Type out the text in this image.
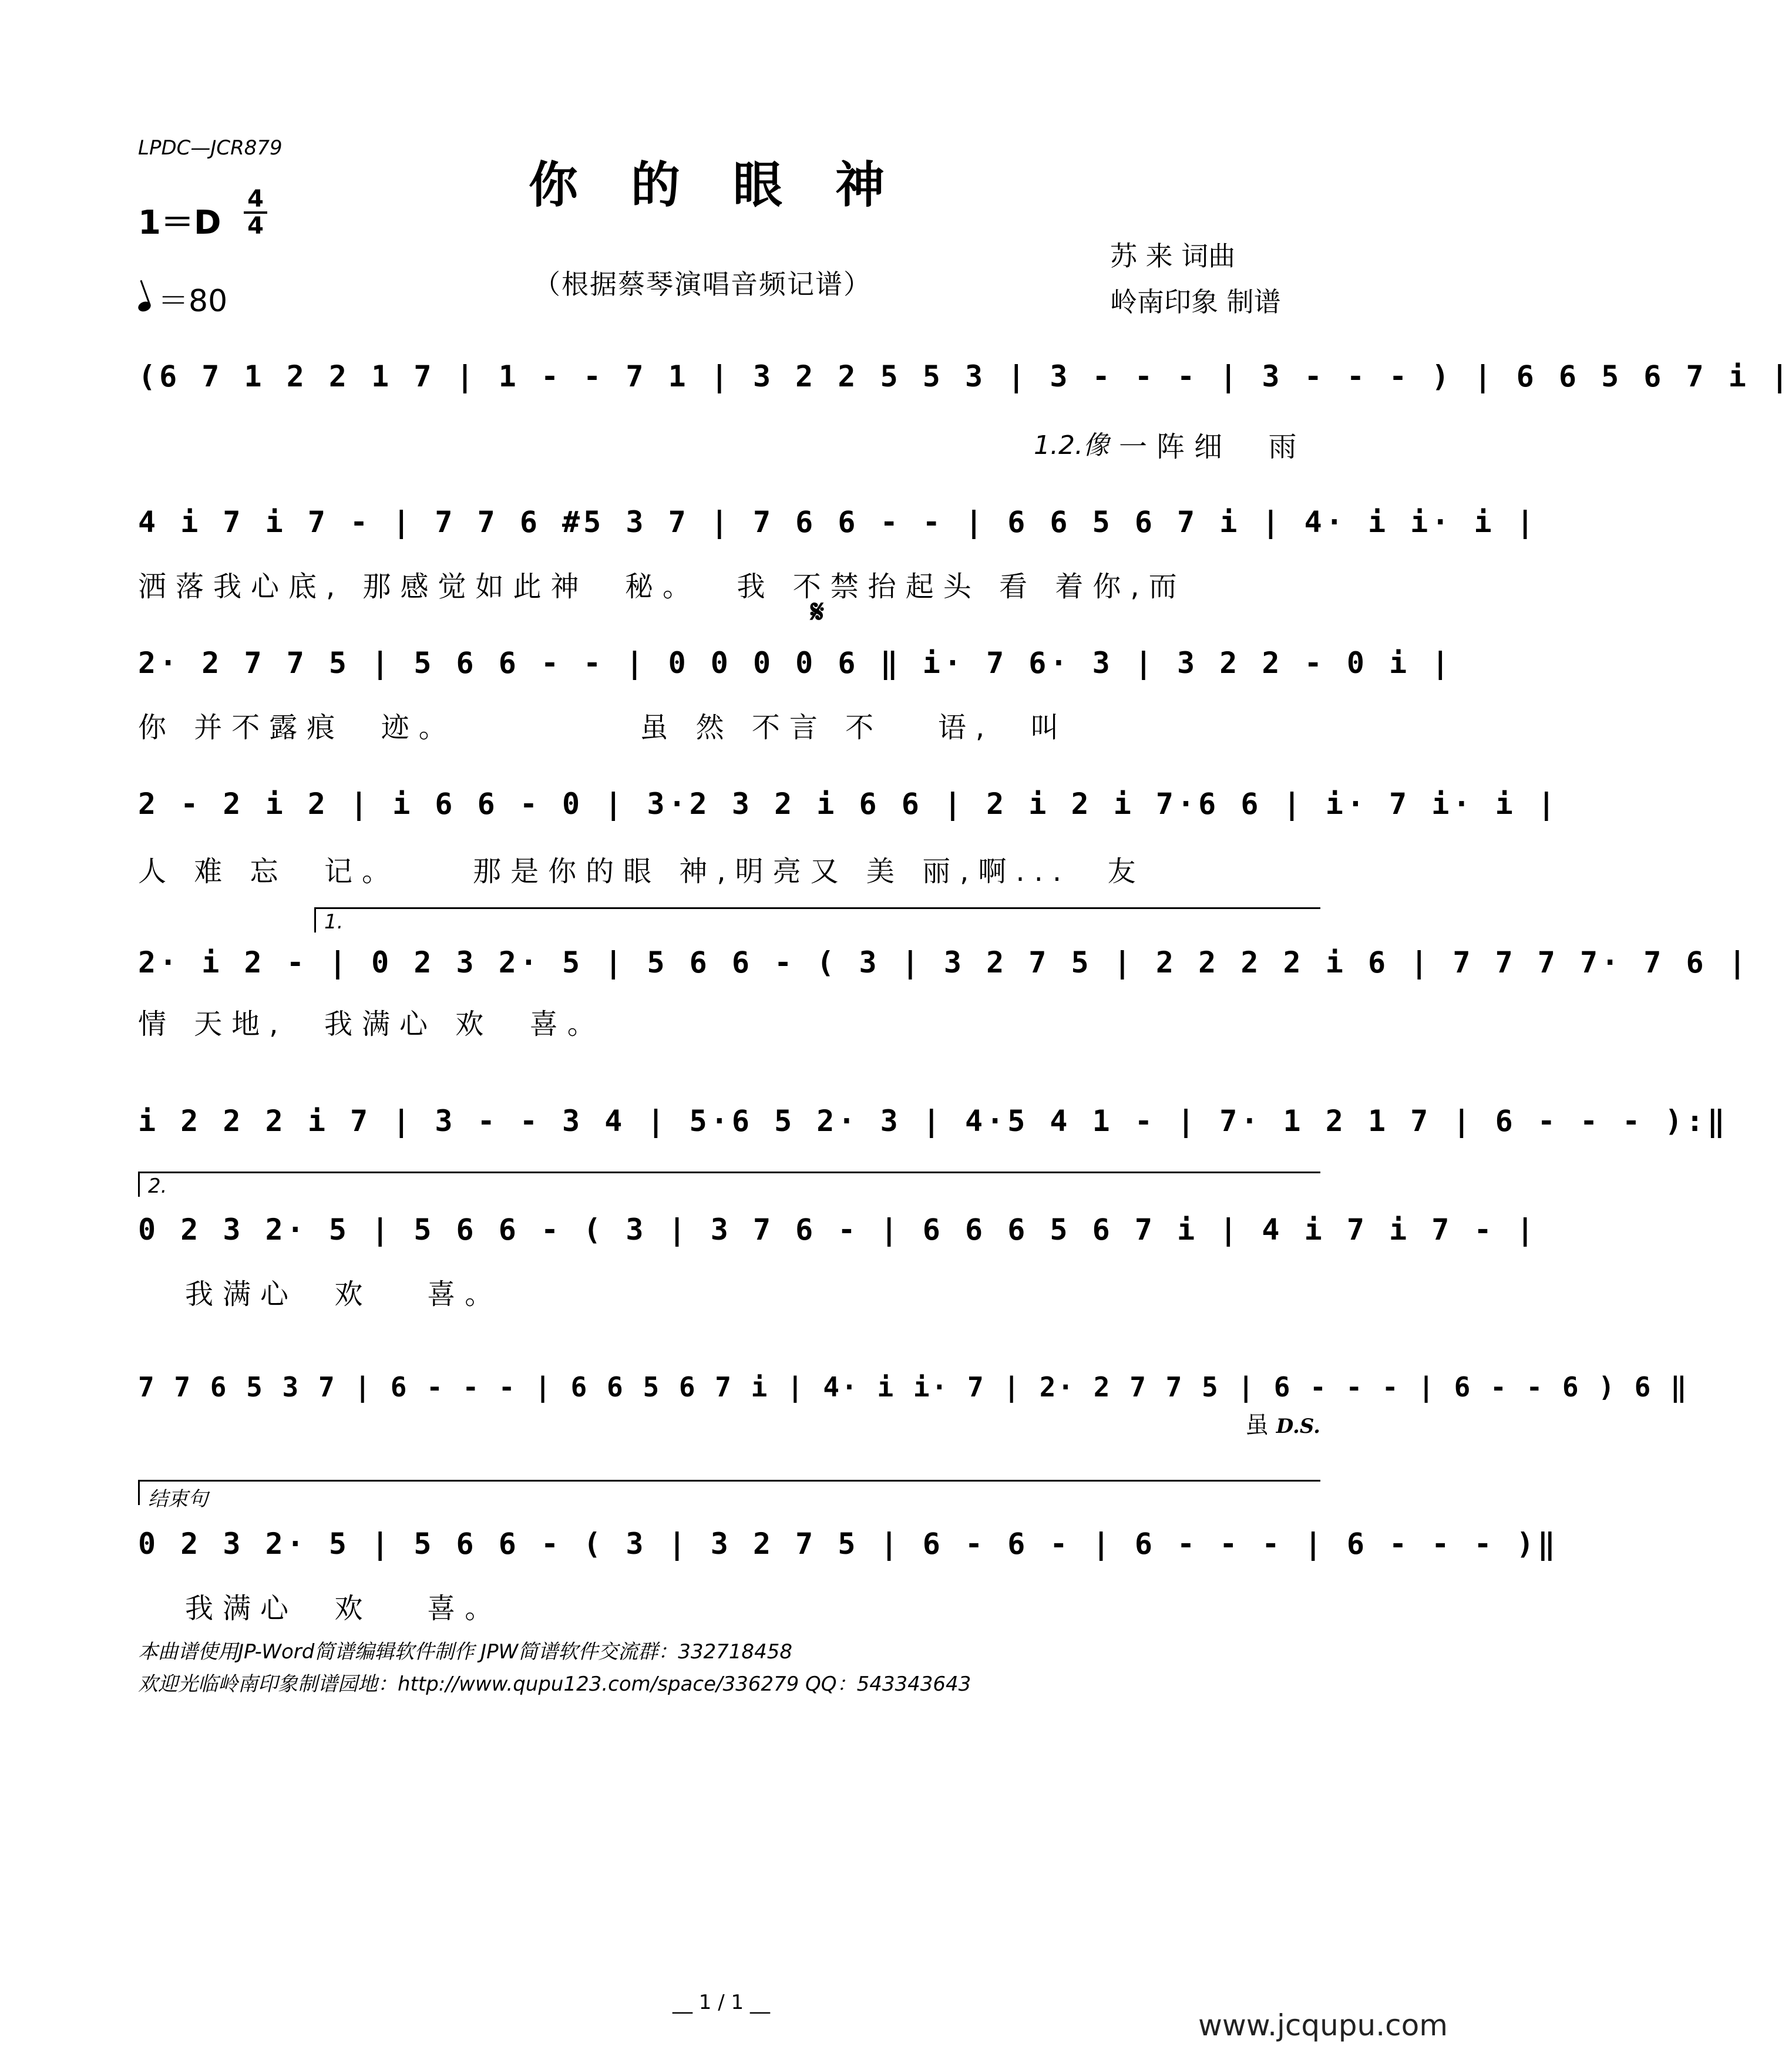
LPDC—JCR879
你的眼神
1＝D
4
4
＝80	（根据蔡琴演唱音频记谱）
苏 来 词曲
岭南印象 制谱
(6 7 1 2 2 1 7 | 1 - - 7 1 | 3 2 2 5 5 3 | 3 - - - | 3 - - - ) | 6 6 5 6 7 i |
1.2.像 一阵细  雨
4 i 7 i 7 - | 7 7 6 #5 3 7 | 7 6 6 - - | 6 6 5 6 7 i | 4· i i· i |
洒落我心底, 那感觉如此神  秘。  我 不禁抬起头 看 着你,而
𝄋
2· 2 7 7 5 | 5 6 6 - - | 0 0 0 0 6 ‖ i· 7 6· 3 | 3 2 2 - 0 i |
你 并不露痕  迹。          虽 然 不言 不   语,  叫
2 - 2 i 2 | i 6 6 - 0 | 3·2 3 2 i 6 6 | 2 i 2 i 7·6 6 | i· 7 i· i |
人 难 忘  记。    那是你的眼 神,明亮又 美 丽,啊...  友
1.
2· i 2 - | 0 2 3 2· 5 | 5 6 6 - ( 3 | 3 2 7 5 | 2 2 2 2 i 6 | 7 7 7 7· 7 6 |
情 天地,  我满心 欢  喜。
i 2 2 2 i 7 | 3 - - 3 4 | 5·6 5 2· 3 | 4·5 4 1 - | 7· 1 2 1 7 | 6 - - - ):‖
2.
0 2 3 2· 5 | 5 6 6 - ( 3 | 3 7 6 - | 6 6 6 5 6 7 i | 4 i 7 i 7 - |
我满心  欢   喜。
7 7 6 5 3 7 | 6 - - - | 6 6 5 6 7 i | 4· i i· 7 | 2· 2 7 7 5 | 6 - - - | 6 - - 6 ) 6 ‖
虽 D.S.
结束句
0 2 3 2· 5 | 5 6 6 - ( 3 | 3 2 7 5 | 6 - 6 - | 6 - - - | 6 - - - )‖
我满心  欢   喜。
本曲谱使用JP-Word简谱编辑软件制作 JPW简谱软件交流群：332718458
欢迎光临岭南印象制谱园地：http://www.qupu123.com/space/336279 QQ：543343643
__ 1 / 1 __
www.jcqupu.com
